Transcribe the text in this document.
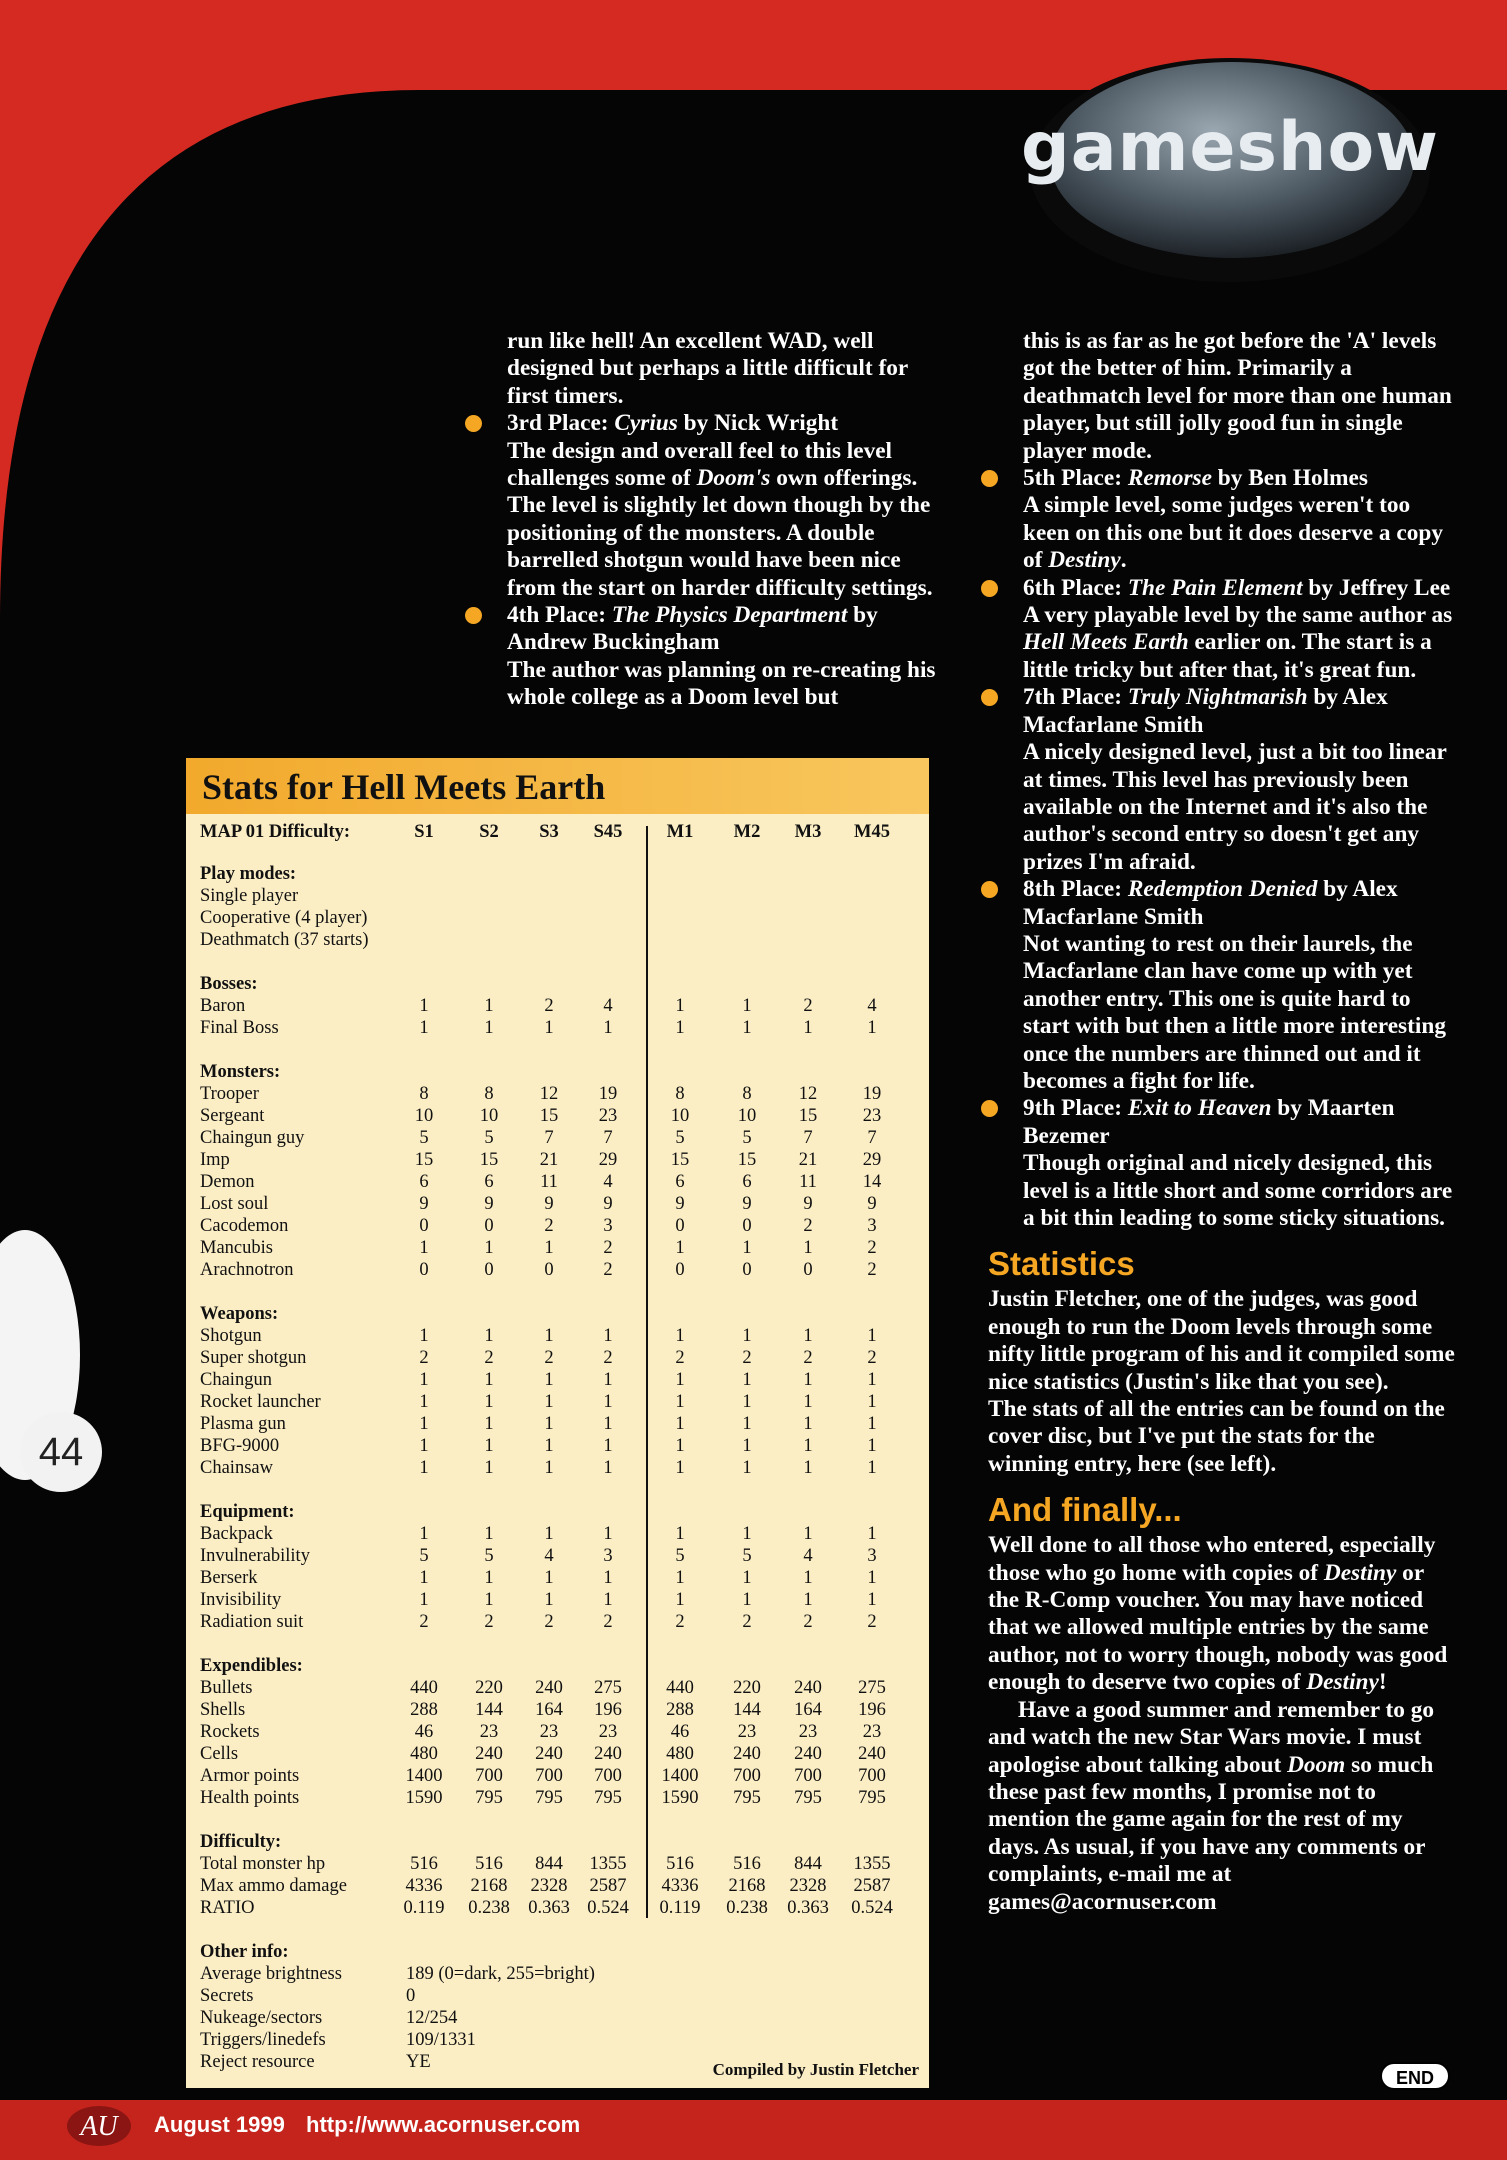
gameshow

run like hell! An excellent WAD, well designed but perhaps a little difficult for first timers.

3rd Place: Cyrius by Nick Wright

The design and overall feel to this level challenges some of Doom's own offerings. The level is slightly let down though by the positioning of the monsters. A double barrelled shotgun would have been nice from the start on harder difficulty settings.

4th Place: The Physics Department by Andrew Buckingham

The author was planning on re-creating his whole college as a Doom level but

this is as far as he got before the 'A' levels got the better of him. Primarily a deathmatch level for more than one human player, but still jolly good fun in single player mode.

5th Place: Remorse by Ben Holmes

A simple level, some judges weren't too keen on this one but it does deserve a copy of Destiny.

6th Place: The Pain Element by Jeffrey Lee

A very playable level by the same author as Hell Meets Earth earlier on. The start is a little tricky but after that, it's great fun.

7th Place: Truly Nightmarish by Alex Macfarlane Smith

A nicely designed level, just a bit too linear at times. This level has previously been available on the Internet and it's also the author's second entry so doesn't get any prizes I'm afraid.

8th Place: Redemption Denied by Alex Macfarlane Smith

Not wanting to rest on their laurels, the Macfarlane clan have come up with yet another entry. This one is quite hard to start with but then a little more interesting once the numbers are thinned out and it becomes a fight for life.

9th Place: Exit to Heaven by Maarten Bezemer

Though original and nicely designed, this level is a little short and some corridors are a bit thin leading to some sticky situations.

Statistics

Justin Fletcher, one of the judges, was good enough to run the Doom levels through some nifty little program of his and it compiled some nice statistics (Justin's like that you see).

The stats of all the entries can be found on the cover disc, but I've put the stats for the winning entry, here (see left).

And finally...

Well done to all those who entered, especially those who go home with copies of Destiny or the R-Comp voucher. You may have noticed that we allowed multiple entries by the same author, not to worry though, nobody was good enough to deserve two copies of Destiny!

Have a good summer and remember to go and watch the new Star Wars movie. I must apologise about talking about Doom so much these past few months, I promise not to mention the game again for the rest of my days. As usual, if you have any comments or complaints, e-mail me at games@acornuser.com

Stats for Hell Meets Earth
MAP 01 Difficulty:	S1	S2	S3	S45	M1	M2	M3	M45
Play modes:
Single player
Cooperative (4 player)
Deathmatch (37 starts)
Bosses:
Baron	1	1	2	4	1	1	2	4
Final Boss	1	1	1	1	1	1	1	1
Monsters:
Trooper	8	8	12	19	8	8	12	19
Sergeant	10	10	15	23	10	10	15	23
Chaingun guy	5	5	7	7	5	5	7	7
Imp	15	15	21	29	15	15	21	29
Demon	6	6	11	4	6	6	11	14
Lost soul	9	9	9	9	9	9	9	9
Cacodemon	0	0	2	3	0	0	2	3
Mancubis	1	1	1	2	1	1	1	2
Arachnotron	0	0	0	2	0	0	0	2
Weapons:
Shotgun	1	1	1	1	1	1	1	1
Super shotgun	2	2	2	2	2	2	2	2
Chaingun	1	1	1	1	1	1	1	1
Rocket launcher	1	1	1	1	1	1	1	1
Plasma gun	1	1	1	1	1	1	1	1
BFG-9000	1	1	1	1	1	1	1	1
Chainsaw	1	1	1	1	1	1	1	1
Equipment:
Backpack	1	1	1	1	1	1	1	1
Invulnerability	5	5	4	3	5	5	4	3
Berserk	1	1	1	1	1	1	1	1
Invisibility	1	1	1	1	1	1	1	1
Radiation suit	2	2	2	2	2	2	2	2
Expendibles:
Bullets	440	220	240	275	440	220	240	275
Shells	288	144	164	196	288	144	164	196
Rockets	46	23	23	23	46	23	23	23
Cells	480	240	240	240	480	240	240	240
Armor points	1400	700	700	700	1400	700	700	700
Health points	1590	795	795	795	1590	795	795	795
Difficulty:
Total monster hp	516	516	844	1355	516	516	844	1355
Max ammo damage	4336	2168	2328	2587	4336	2168	2328	2587
RATIO	0.119	0.238 0.363 0.524	0.119	0.238	0.363	0.524
Other info:
Average brightness	189 (0=dark, 255=bright)
Secrets	0
Nukeage/sectors	12/254
Triggers/linedefs	109/1331
Reject resource	YE	Compiled by Justin Fletcher
44
AU August 1999 http://www.acornuser.com
END
